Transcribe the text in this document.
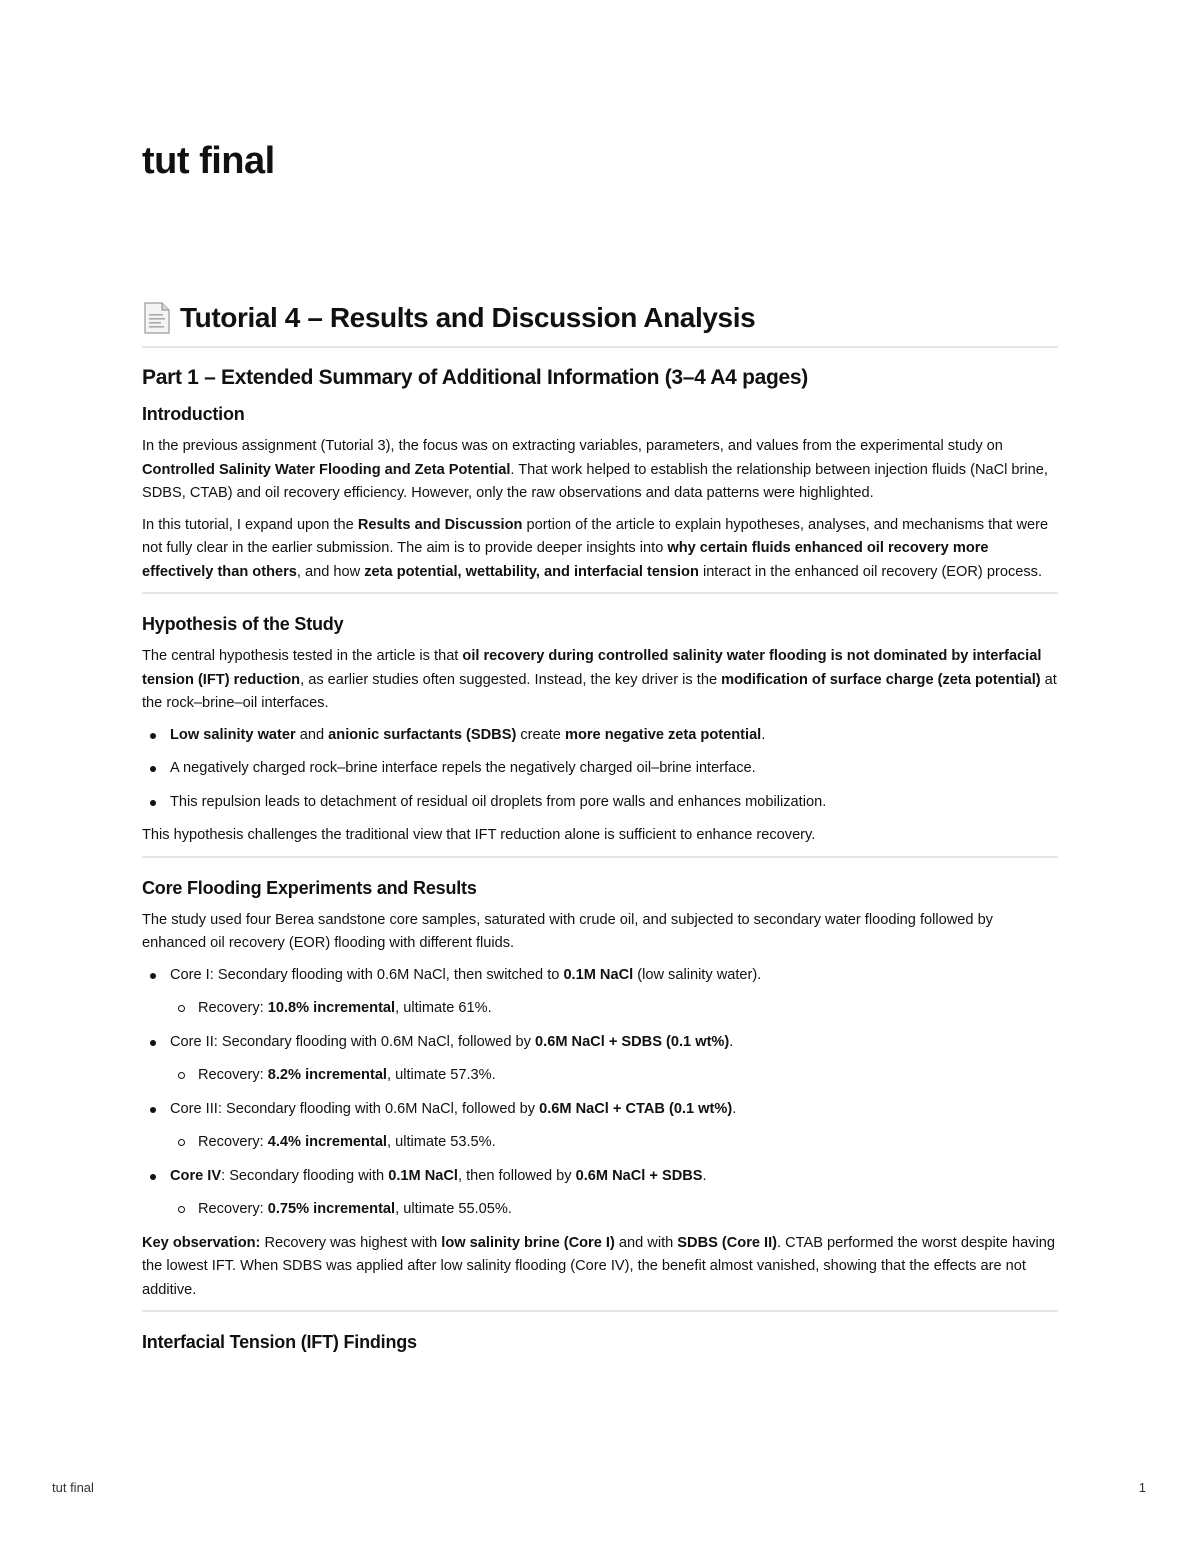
tut final
Tutorial 4 – Results and Discussion Analysis
Part 1 – Extended Summary of Additional Information (3–4 A4 pages)
Introduction

In the previous assignment (Tutorial 3), the focus was on extracting variables, parameters, and values from the experimental study on Controlled Salinity Water Flooding and Zeta Potential. That work helped to establish the relationship between injection fluids (NaCl brine, SDBS, CTAB) and oil recovery efficiency. However, only the raw observations and data patterns were highlighted.

In this tutorial, I expand upon the Results and Discussion portion of the article to explain hypotheses, analyses, and mechanisms that were not fully clear in the earlier submission. The aim is to provide deeper insights into why certain fluids enhanced oil recovery more effectively than others, and how zeta potential, wettability, and interfacial tension interact in the enhanced oil recovery (EOR) process.

Hypothesis of the Study

The central hypothesis tested in the article is that oil recovery during controlled salinity water flooding is not dominated by interfacial tension (IFT) reduction, as earlier studies often suggested. Instead, the key driver is the modification of surface charge (zeta potential) at the rock–brine–oil interfaces.

Low salinity water and anionic surfactants (SDBS) create more negative zeta potential.
A negatively charged rock–brine interface repels the negatively charged oil–brine interface.
This repulsion leads to detachment of residual oil droplets from pore walls and enhances mobilization.

This hypothesis challenges the traditional view that IFT reduction alone is sufficient to enhance recovery.

Core Flooding Experiments and Results

The study used four Berea sandstone core samples, saturated with crude oil, and subjected to secondary water flooding followed by enhanced oil recovery (EOR) flooding with different fluids.

Core I: Secondary flooding with 0.6M NaCl, then switched to 0.1M NaCl (low salinity water).
Recovery: 10.8% incremental, ultimate 61%.
Core II: Secondary flooding with 0.6M NaCl, followed by 0.6M NaCl + SDBS (0.1 wt%).
Recovery: 8.2% incremental, ultimate 57.3%.
Core III: Secondary flooding with 0.6M NaCl, followed by 0.6M NaCl + CTAB (0.1 wt%).
Recovery: 4.4% incremental, ultimate 53.5%.
Core IV: Secondary flooding with 0.1M NaCl, then followed by 0.6M NaCl + SDBS.
Recovery: 0.75% incremental, ultimate 55.05%.

Key observation: Recovery was highest with low salinity brine (Core I) and with SDBS (Core II). CTAB performed the worst despite having the lowest IFT. When SDBS was applied after low salinity flooding (Core IV), the benefit almost vanished, showing that the effects are not additive.

Interfacial Tension (IFT) Findings
tut final	1
